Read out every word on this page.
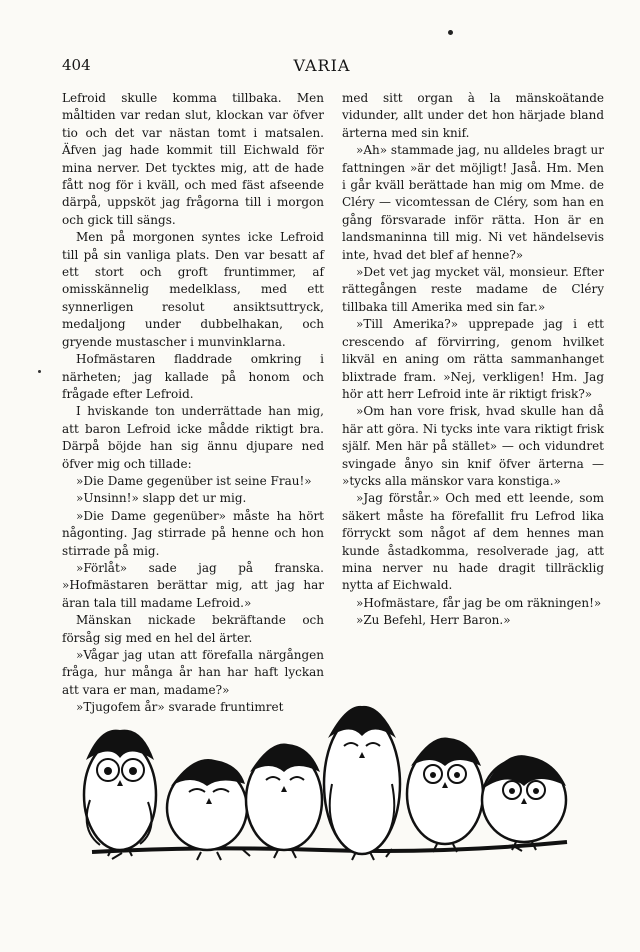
404	VARIA

Lefroid skulle komma tillbaka. Men måltiden var redan slut, klockan var öfver tio och det var nästan tomt i matsalen. Äfven jag hade kommit till Eichwald för mina nerver. Det tycktes mig, att de hade fått nog för i kväll, och med fäst afseende därpå, uppsköt jag frågorna till i morgon och gick till sängs.

Men på morgonen syntes icke Lefroid till på sin vanliga plats. Den var besatt af ett stort och groft fruntimmer, af omisskännelig medelklass, med ett synnerligen resolut ansiktsuttryck, medaljong under dubbelhakan, och gryende mustascher i munvinklarna.

Hofmästaren fladdrade omkring i närheten; jag kallade på honom och frågade efter Lefroid.

I hviskande ton underrättade han mig, att baron Lefroid icke mådde riktigt bra. Därpå böjde han sig ännu djupare ned öfver mig och tillade:

»Die Dame gegenüber ist seine Frau!»

»Unsinn!» slapp det ur mig.

»Die Dame gegenüber» måste ha hört någonting. Jag stirrade på henne och hon stirrade på mig.

»Förlåt» sade jag på franska. »Hofmästaren berättar mig, att jag har äran tala till madame Lefroid.»

Mänskan nickade bekräftande och försåg sig med en hel del ärter.

»Vågar jag utan att förefalla närgången fråga, hur många år han har haft lyckan att vara er man, madame?»

»Tjugofem år» svarade fruntimret

med sitt organ à la mänskoätande vidunder, allt under det hon härjade bland ärterna med sin knif.

»Ah» stammade jag, nu alldeles bragt ur fattningen »är det möjligt! Jaså. Hm. Men i går kväll berättade han mig om Mme. de Cléry — vicomtessan de Cléry, som han en gång försvarade inför rätta. Hon är en landsmaninna till mig. Ni vet händelsevis inte, hvad det blef af henne?»

»Det vet jag mycket väl, monsieur. Efter rättegången reste madame de Cléry tillbaka till Amerika med sin far.»

»Till Amerika?» upprepade jag i ett crescendo af förvirring, genom hvilket likväl en aning om rätta sammanhanget blixtrade fram. »Nej, verkligen! Hm. Jag hör att herr Lefroid inte är riktigt frisk?»

»Om han vore frisk, hvad skulle han då här att göra. Ni tycks inte vara riktigt frisk själf. Men här på stället» — och vidundret svingade ånyo sin knif öfver ärterna — »tycks alla mänskor vara konstiga.»

»Jag förstår.» Och med ett leende, som säkert måste ha förefallit fru Lefrod lika förryckt som något af dem hennes man kunde åstadkomma, resolverade jag, att mina nerver nu hade dragit tillräcklig nytta af Eichwald.

»Hofmästare, får jag be om räkningen!»

»Zu Befehl, Herr Baron.»
